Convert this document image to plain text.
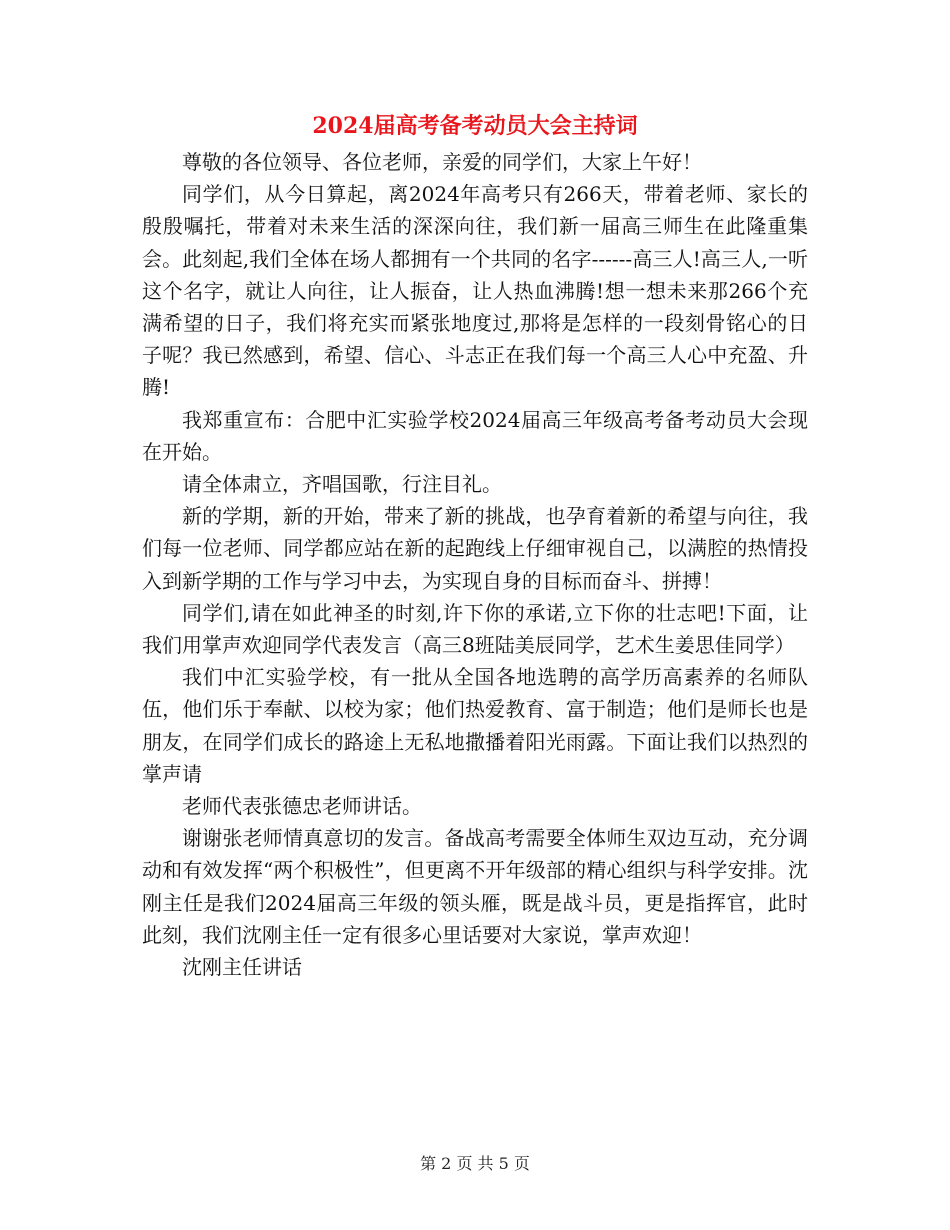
2024届高考备考动员大会主持词

尊敬的各位领导、各位老师，亲爱的同学们，大家上午好！

同学们，从今日算起，离2024年高考只有266天，带着老师、家长的殷殷嘱托，带着对未来生活的深深向往，我们新一届高三师生在此隆重集会。此刻起,我们全体在场人都拥有一个共同的名字------高三人!高三人,一听这个名字，就让人向往，让人振奋，让人热血沸腾!想一想未来那266个充满希望的日子，我们将充实而紧张地度过,那将是怎样的一段刻骨铭心的日子呢？我已然感到，希望、信心、斗志正在我们每一个高三人心中充盈、升腾!

我郑重宣布：合肥中汇实验学校2024届高三年级高考备考动员大会现在开始。

请全体肃立，齐唱国歌，行注目礼。

新的学期，新的开始，带来了新的挑战，也孕育着新的希望与向往，我们每一位老师、同学都应站在新的起跑线上仔细审视自己，以满腔的热情投入到新学期的工作与学习中去，为实现自身的目标而奋斗、拼搏！

同学们,请在如此神圣的时刻,许下你的承诺,立下你的壮志吧!下面，让我们用掌声欢迎同学代表发言（高三8班陆美辰同学，艺术生姜思佳同学）

我们中汇实验学校，有一批从全国各地选聘的高学历高素养的名师队伍，他们乐于奉献、以校为家；他们热爱教育、富于制造；他们是师长也是朋友，在同学们成长的路途上无私地撒播着阳光雨露。下面让我们以热烈的掌声请

老师代表张德忠老师讲话。

谢谢张老师情真意切的发言。备战高考需要全体师生双边互动，充分调动和有效发挥“两个积极性”，但更离不开年级部的精心组织与科学安排。沈刚主任是我们2024届高三年级的领头雁，既是战斗员，更是指挥官，此时此刻，我们沈刚主任一定有很多心里话要对大家说，掌声欢迎！

沈刚主任讲话

第 2 页 共 5 页
